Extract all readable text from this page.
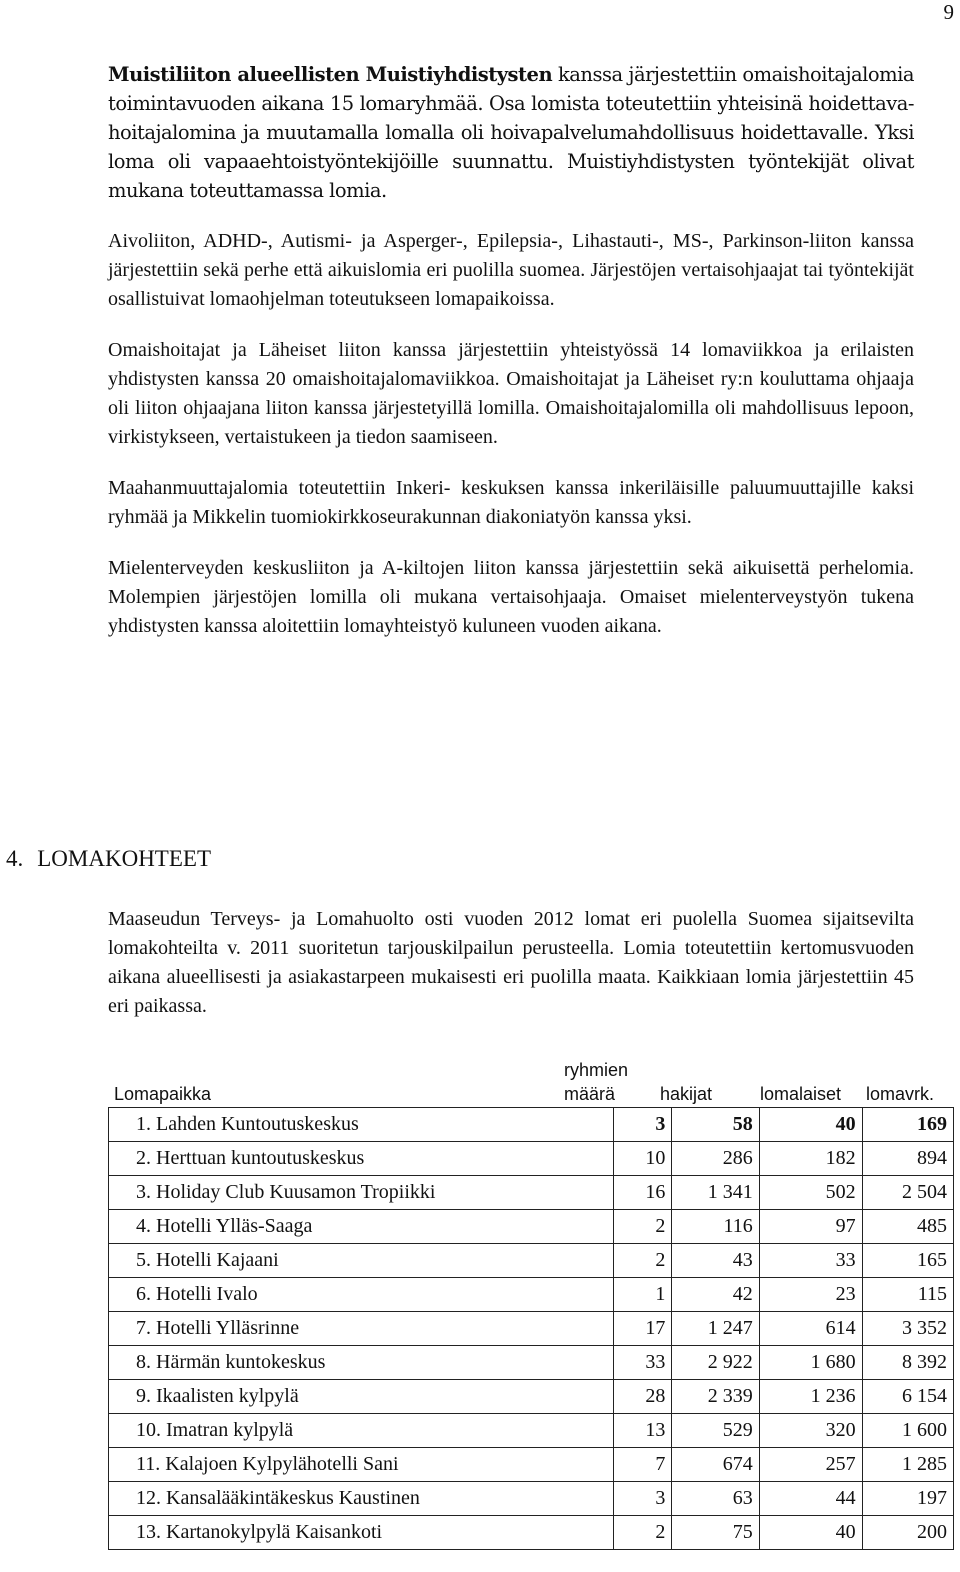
9

Muistiliiton alueellisten Muistiyhdistysten kanssa järjestettiin omaishoitajalomia toimintavuoden aikana 15 lomaryhmää. Osa lomista toteutettiin yhteisinä hoidettava-hoitajalomina ja muutamalla lomalla oli hoivapalvelumahdollisuus hoidettavalle. Yksi loma oli vapaaehtoistyöntekijöille suunnattu. Muistiyhdistysten työntekijät olivat mukana toteuttamassa lomia.

Aivoliiton, ADHD-, Autismi- ja Asperger-, Epilepsia-, Lihastauti-, MS-, Parkinson-liiton kanssa järjestettiin sekä perhe että aikuislomia eri puolilla suomea. Järjestöjen vertaisohjaajat tai työntekijät osallistuivat lomaohjelman toteutukseen lomapaikoissa.

Omaishoitajat ja Läheiset liiton kanssa järjestettiin yhteistyössä 14 lomaviikkoa ja erilaisten yhdistysten kanssa 20 omaishoitajalomaviikkoa. Omaishoitajat ja Läheiset ry:n kouluttama ohjaaja oli liiton ohjaajana liiton kanssa järjestetyillä lomilla. Omaishoitajalomilla oli mahdollisuus lepoon, virkistykseen, vertaistukeen ja tiedon saamiseen.

Maahanmuuttajalomia toteutettiin Inkeri- keskuksen kanssa inkeriläisille paluumuuttajille kaksi ryhmää ja Mikkelin tuomiokirkkoseurakunnan diakoniatyön kanssa yksi.

Mielenterveyden keskusliiton ja A-kiltojen liiton kanssa järjestettiin sekä aikuisettä perhelomia. Molempien järjestöjen lomilla oli mukana vertaisohjaaja. Omaiset mielenterveystyön tukena yhdistysten kanssa aloitettiin lomayhteistyö kuluneen vuoden aikana.

4. LOMAKOHTEET

Maaseudun Terveys- ja Lomahuolto osti vuoden 2012 lomat eri puolella Suomea sijaitsevilta lomakohteilta v. 2011 suoritetun tarjouskilpailun perusteella. Lomia toteutettiin kertomusvuoden aikana alueellisesti ja asiakastarpeen mukaisesti eri puolilla maata. Kaikkiaan lomia järjestettiin 45 eri paikassa.

Lomapaikka
ryhmien
määrä	hakijat	lomalaiset lomavrk.
1. Lahden Kuntoutuskeskus	3	58	40	169
2. Herttuan kuntoutuskeskus	10	286	182	894
3. Holiday Club Kuusamon Tropiikki	16	1 341	502	2 504
4. Hotelli Ylläs-Saaga	2	116	97	485
5. Hotelli Kajaani	2	43	33	165
6. Hotelli Ivalo	1	42	23	115
7. Hotelli Ylläsrinne	17	1 247	614	3 352
8. Härmän kuntokeskus	33	2 922	1 680	8 392
9. Ikaalisten kylpylä	28	2 339	1 236	6 154
10. Imatran kylpylä	13	529	320	1 600
11. Kalajoen Kylpylähotelli Sani	7	674	257	1 285
12. Kansalääkintäkeskus Kaustinen	3	63	44	197
13. Kartanokylpylä Kaisankoti	2	75	40	200
